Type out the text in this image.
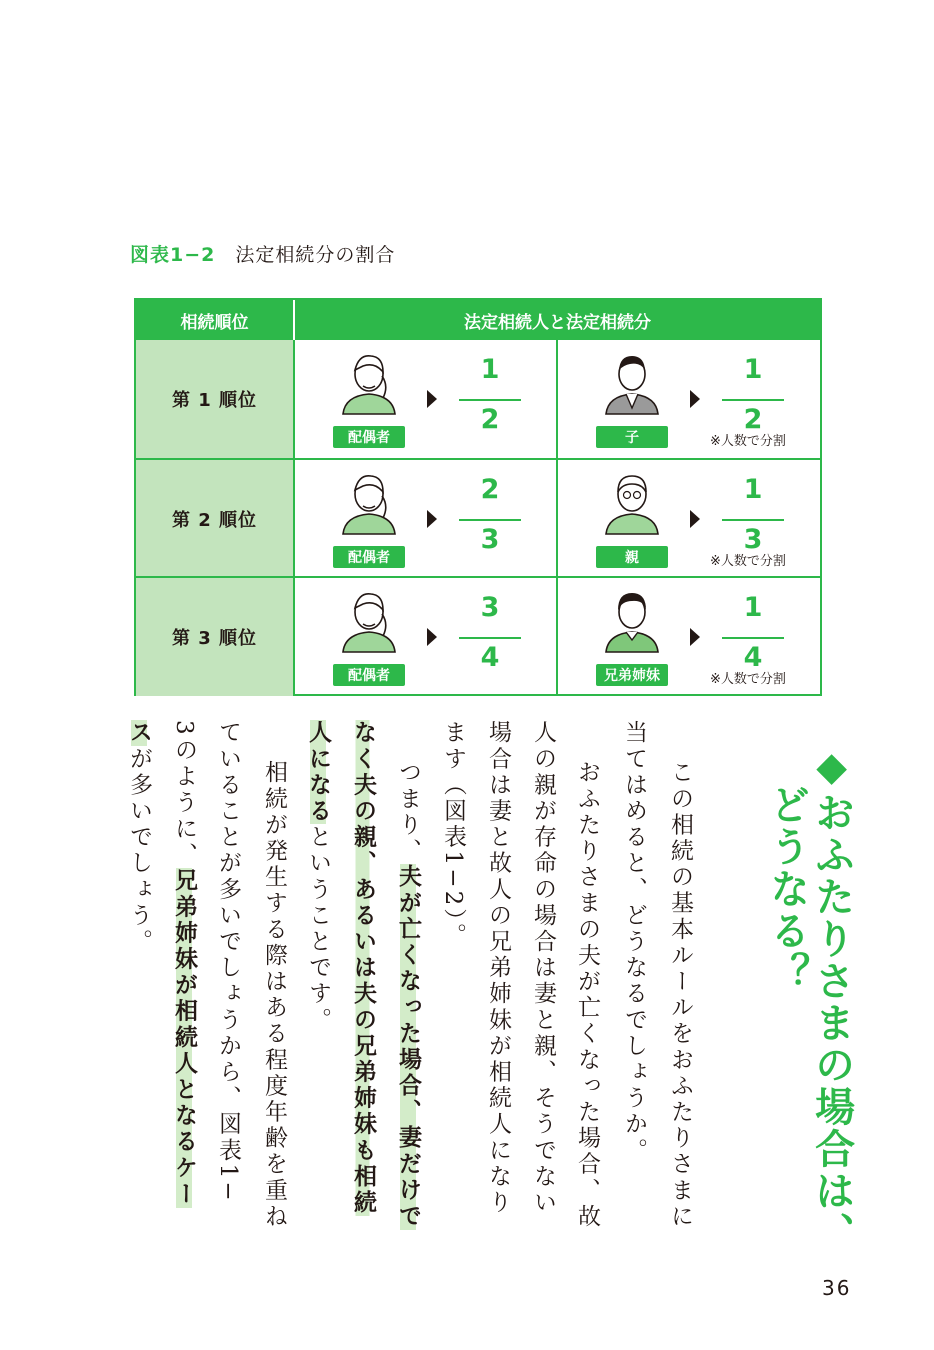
図表1−2 法定相続分の割合
相続順位	法定相続人と法定相続分
第 1 順位
配偶者
1
2
子
1
2
※人数で分割
第 2 順位
配偶者
2
3
親
1
3
※人数で分割
第 3 順位
配偶者
3
4
兄弟姉妹
1
4
※人数で分割
◆おふたりさまの場合は、
どうなる？
この相続の基本ルールをおふたりさまに
当てはめると、どうなるでしょうか。
おふたりさまの夫が亡くなった場合、故
人の親が存命の場合は妻と親、そうでない
場合は妻と故人の兄弟姉妹が相続人になり
ます（図表1−2）。
つまり、夫が亡くなった場合、妻だけで
なく夫の親、あるいは夫の兄弟姉妹も相続
人になるということです。
相続が発生する際はある程度年齢を重ね
ていることが多いでしょうから、図表1−
3のように、兄弟姉妹が相続人となるケー
スが多いでしょう。
36
